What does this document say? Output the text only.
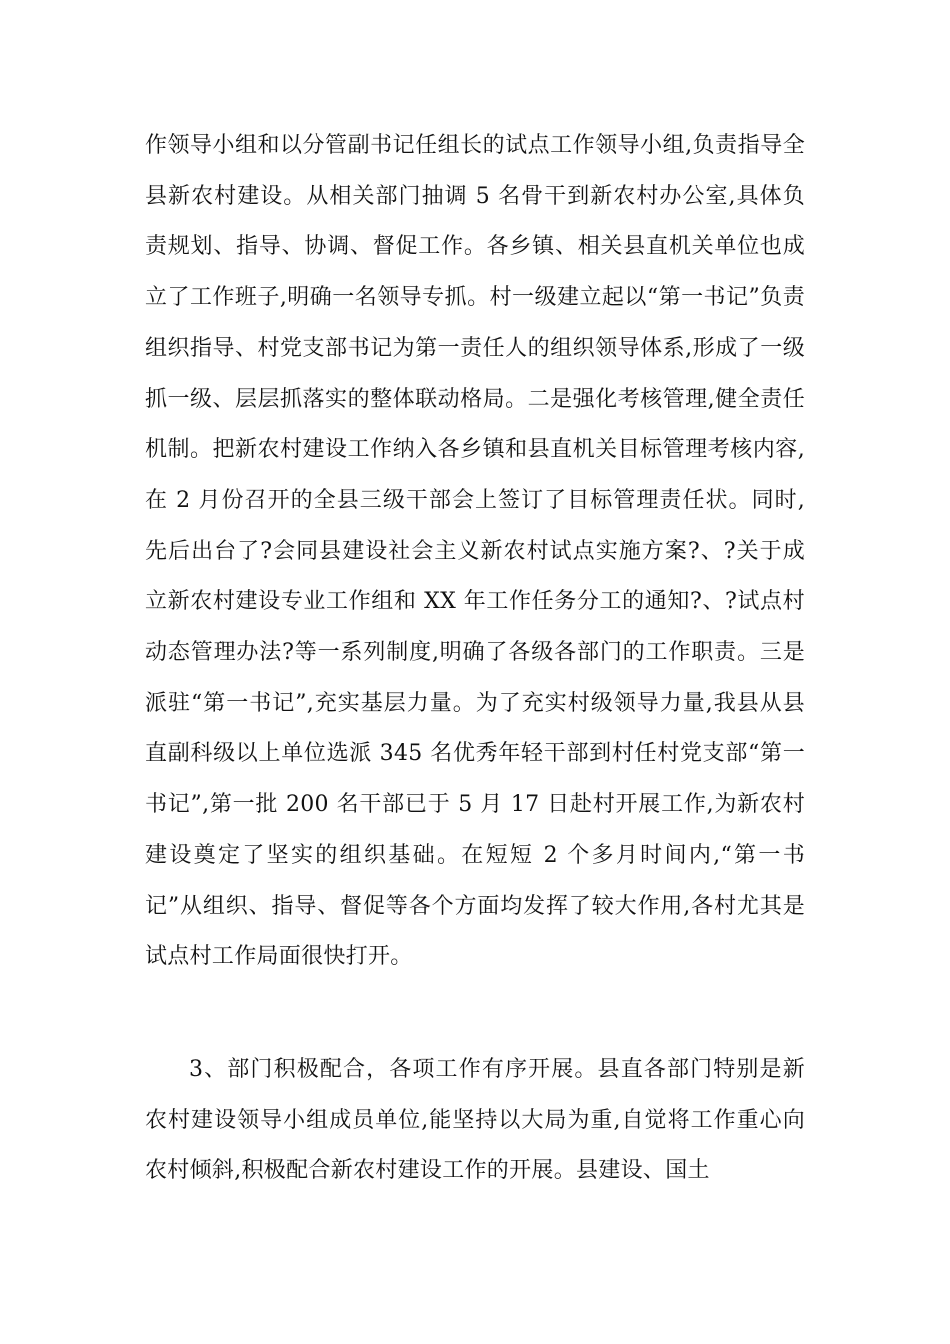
作领导小组和以分管副书记任组长的试点工作领导小组,负责指导全县新农村建设。从相关部门抽调 5 名骨干到新农村办公室,具体负责规划、指导、协调、督促工作。各乡镇、相关县直机关单位也成立了工作班子,明确一名领导专抓。村一级建立起以“第一书记”负责组织指导、村党支部书记为第一责任人的组织领导体系,形成了一级抓一级、层层抓落实的整体联动格局。二是强化考核管理,健全责任机制。把新农村建设工作纳入各乡镇和县直机关目标管理考核内容,在 2 月份召开的全县三级干部会上签订了目标管理责任状。同时,先后出台了?会同县建设社会主义新农村试点实施方案?、?关于成立新农村建设专业工作组和 XX 年工作任务分工的通知?、?试点村动态管理办法?等一系列制度,明确了各级各部门的工作职责。三是派驻“第一书记”,充实基层力量。为了充实村级领导力量,我县从县直副科级以上单位选派 345 名优秀年轻干部到村任村党支部“第一书记”,第一批 200 名干部已于 5 月 17 日赴村开展工作,为新农村建设奠定了坚实的组织基础。在短短 2 个多月时间内,“第一书记”从组织、指导、督促等各个方面均发挥了较大作用,各村尤其是试点村工作局面很快打开。

3、部门积极配合，各项工作有序开展。县直各部门特别是新农村建设领导小组成员单位,能坚持以大局为重,自觉将工作重心向农村倾斜,积极配合新农村建设工作的开展。县建设、国土
